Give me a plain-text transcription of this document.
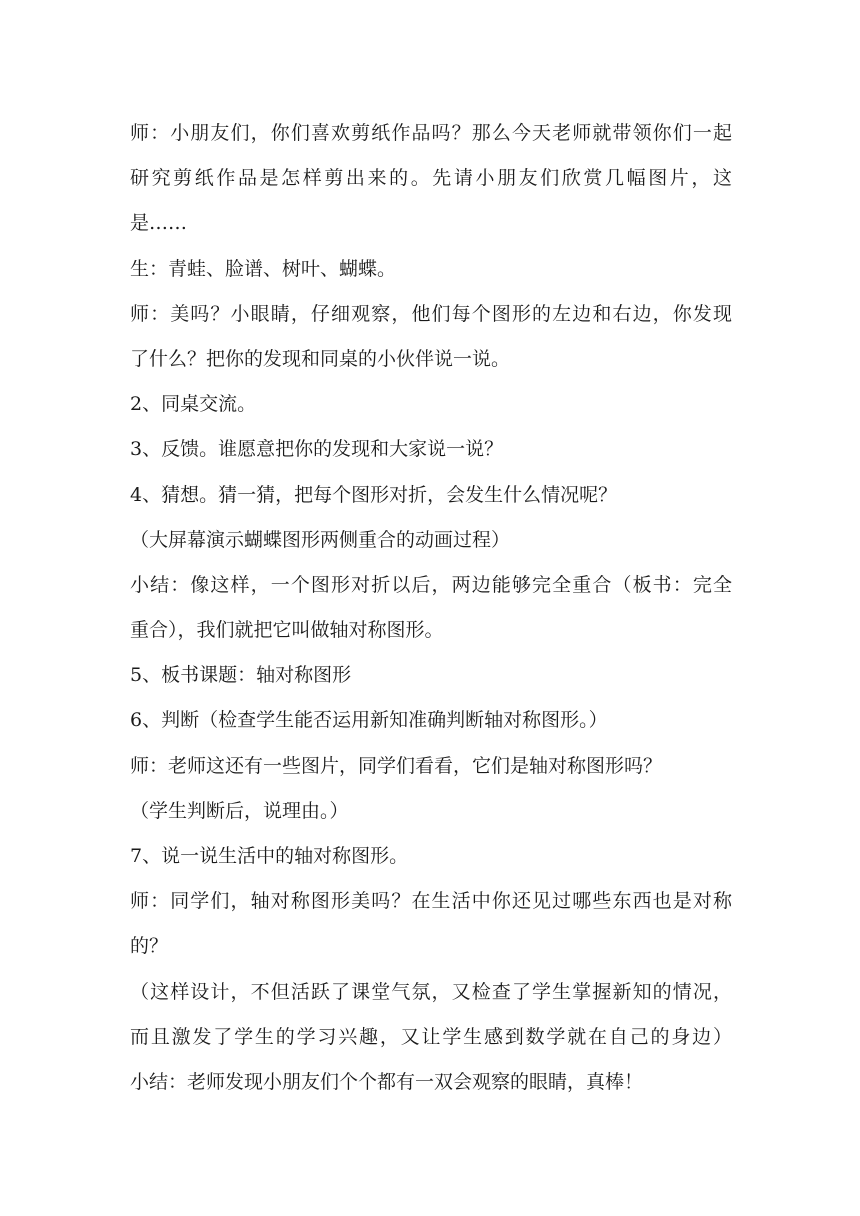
师：小朋友们，你们喜欢剪纸作品吗？那么今天老师就带领你们一起
研究剪纸作品是怎样剪出来的。先请小朋友们欣赏几幅图片，这
是……
生：青蛙、脸谱、树叶、蝴蝶。
师：美吗？小眼睛，仔细观察，他们每个图形的左边和右边，你发现
了什么？把你的发现和同桌的小伙伴说一说。
2、同桌交流。
3、反馈。谁愿意把你的发现和大家说一说？
4、猜想。猜一猜，把每个图形对折，会发生什么情况呢？
（大屏幕演示蝴蝶图形两侧重合的动画过程）
小结：像这样，一个图形对折以后，两边能够完全重合（板书：完全
重合），我们就把它叫做轴对称图形。
5、板书课题：轴对称图形
6、判断（检查学生能否运用新知准确判断轴对称图形。）
师：老师这还有一些图片，同学们看看，它们是轴对称图形吗？
（学生判断后，说理由。）
7、说一说生活中的轴对称图形。
师：同学们，轴对称图形美吗？在生活中你还见过哪些东西也是对称
的？
（这样设计，不但活跃了课堂气氛，又检查了学生掌握新知的情况，
而且激发了学生的学习兴趣，又让学生感到数学就在自己的身边）
小结：老师发现小朋友们个个都有一双会观察的眼睛，真棒！
